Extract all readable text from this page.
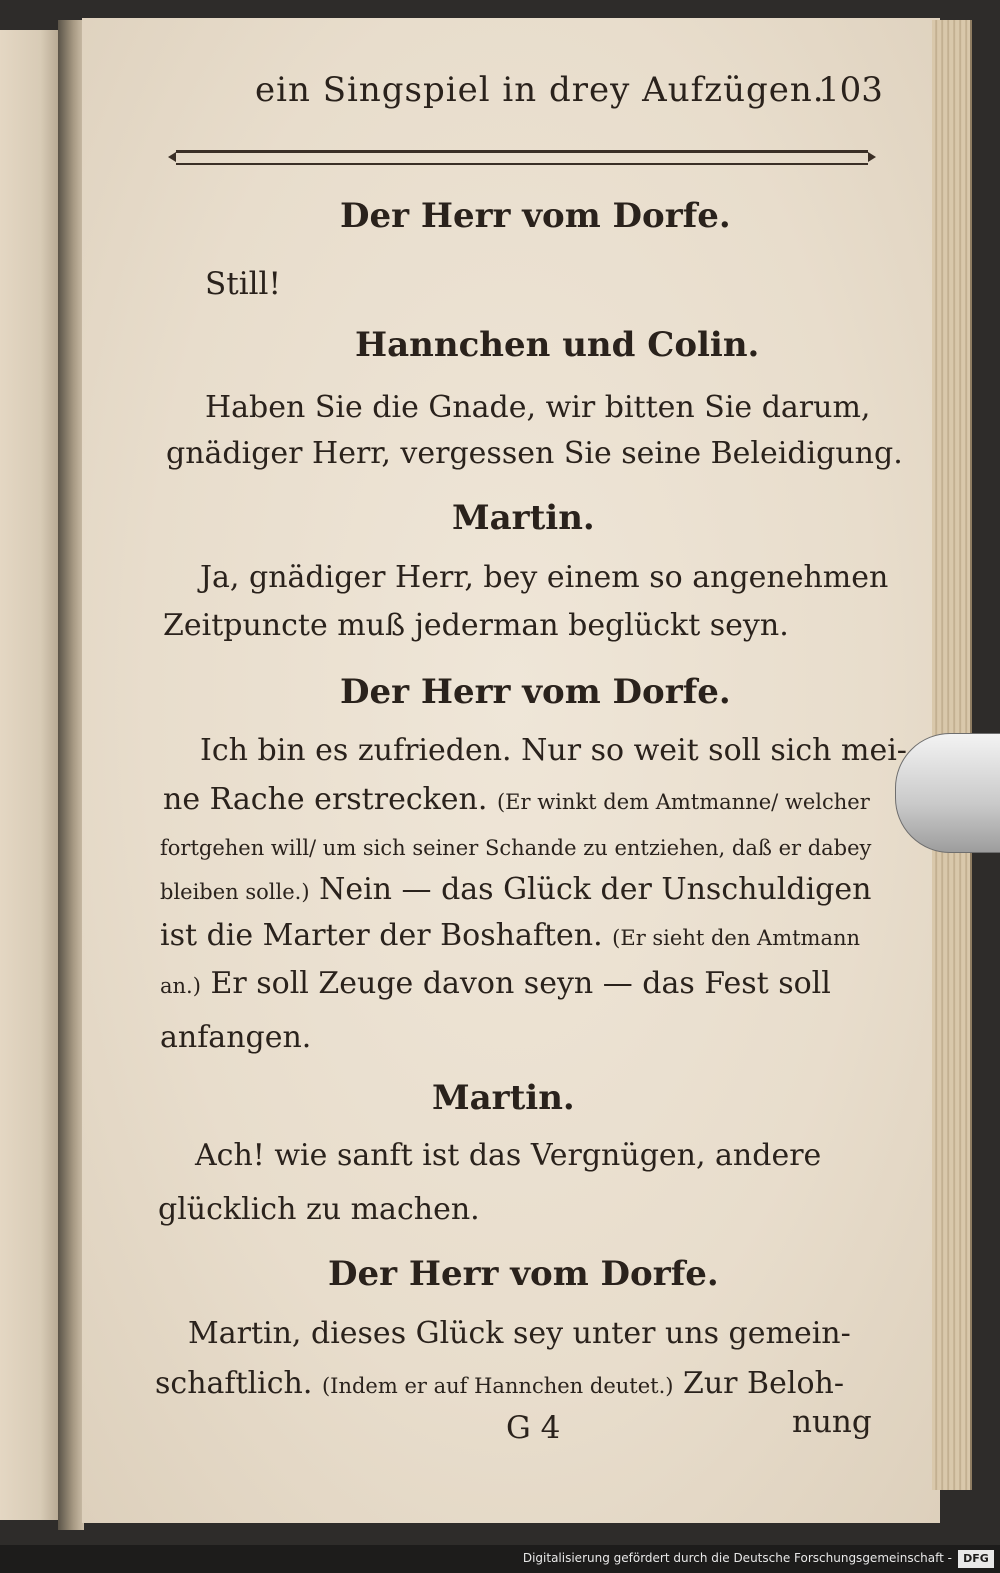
ein Singspiel in drey Aufzügen.
103
Der Herr vom Dorfe.
Still!
Hannchen und Colin.
Haben Sie die Gnade, wir bitten Sie darum,
gnädiger Herr, vergessen Sie seine Beleidigung.
Martin.
Ja, gnädiger Herr, bey einem so angenehmen
Zeitpuncte muß jederman beglückt seyn.
Der Herr vom Dorfe.
Ich bin es zufrieden. Nur so weit soll sich mei-
ne Rache erstrecken. (Er winkt dem Amtmanne/ welcher
fortgehen will/ um sich seiner Schande zu entziehen, daß er dabey
bleiben solle.) Nein — das Glück der Unschuldigen
ist die Marter der Boshaften. (Er sieht den Amtmann
an.) Er soll Zeuge davon seyn — das Fest soll
anfangen.
Martin.
Ach! wie sanft ist das Vergnügen, andere
glücklich zu machen.
Der Herr vom Dorfe.
Martin, dieses Glück sey unter uns gemein-
schaftlich. (Indem er auf Hannchen deutet.) Zur Beloh-
G 4	nung
Digitalisierung gefördert durch die Deutsche Forschungsgemeinschaft -	DFG
